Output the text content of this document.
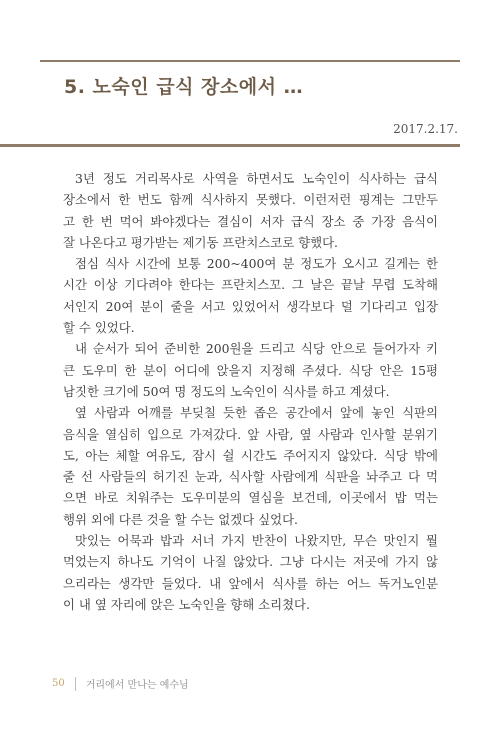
5. 노숙인 급식 장소에서 …
2017.2.17.
3년 정도 거리목사로 사역을 하면서도 노숙인이 식사하는 급식
장소에서 한 번도 함께 식사하지 못했다. 이런저런 핑계는 그만두
고 한 번 먹어 봐야겠다는 결심이 서자 급식 장소 중 가장 음식이
잘 나온다고 평가받는 제기동 프란치스코로 향했다.
점심 식사 시간에 보통 200~400여 분 정도가 오시고 길게는 한
시간 이상 기다려야 한다는 프란치스꼬. 그 날은 끝날 무렵 도착해
서인지 20여 분이 줄을 서고 있었어서 생각보다 덜 기다리고 입장
할 수 있었다.
내 순서가 되어 준비한 200원을 드리고 식당 안으로 들어가자 키
큰 도우미 한 분이 어디에 앉을지 지정해 주셨다. 식당 안은 15평
남짓한 크기에 50여 명 정도의 노숙인이 식사를 하고 계셨다.
옆 사람과 어깨를 부딪칠 듯한 좁은 공간에서 앞에 놓인 식판의
음식을 열심히 입으로 가져갔다. 앞 사람, 옆 사람과 인사할 분위기
도, 아는 체할 여유도, 잠시 쉴 시간도 주어지지 않았다. 식당 밖에
줄 선 사람들의 허기진 눈과, 식사할 사람에게 식판을 놔주고 다 먹
으면 바로 치워주는 도우미분의 열심을 보건데, 이곳에서 밥 먹는
행위 외에 다른 것을 할 수는 없겠다 싶었다.
맛있는 어묵과 밥과 서너 가지 반찬이 나왔지만, 무슨 맛인지 뭘
먹었는지 하나도 기억이 나질 않았다. 그냥 다시는 저곳에 가지 않
으리라는 생각만 들었다. 내 앞에서 식사를 하는 어느 독거노인분
이 내 옆 자리에 앉은 노숙인을 향해 소리쳤다.
50 거리에서 만나는 예수님
